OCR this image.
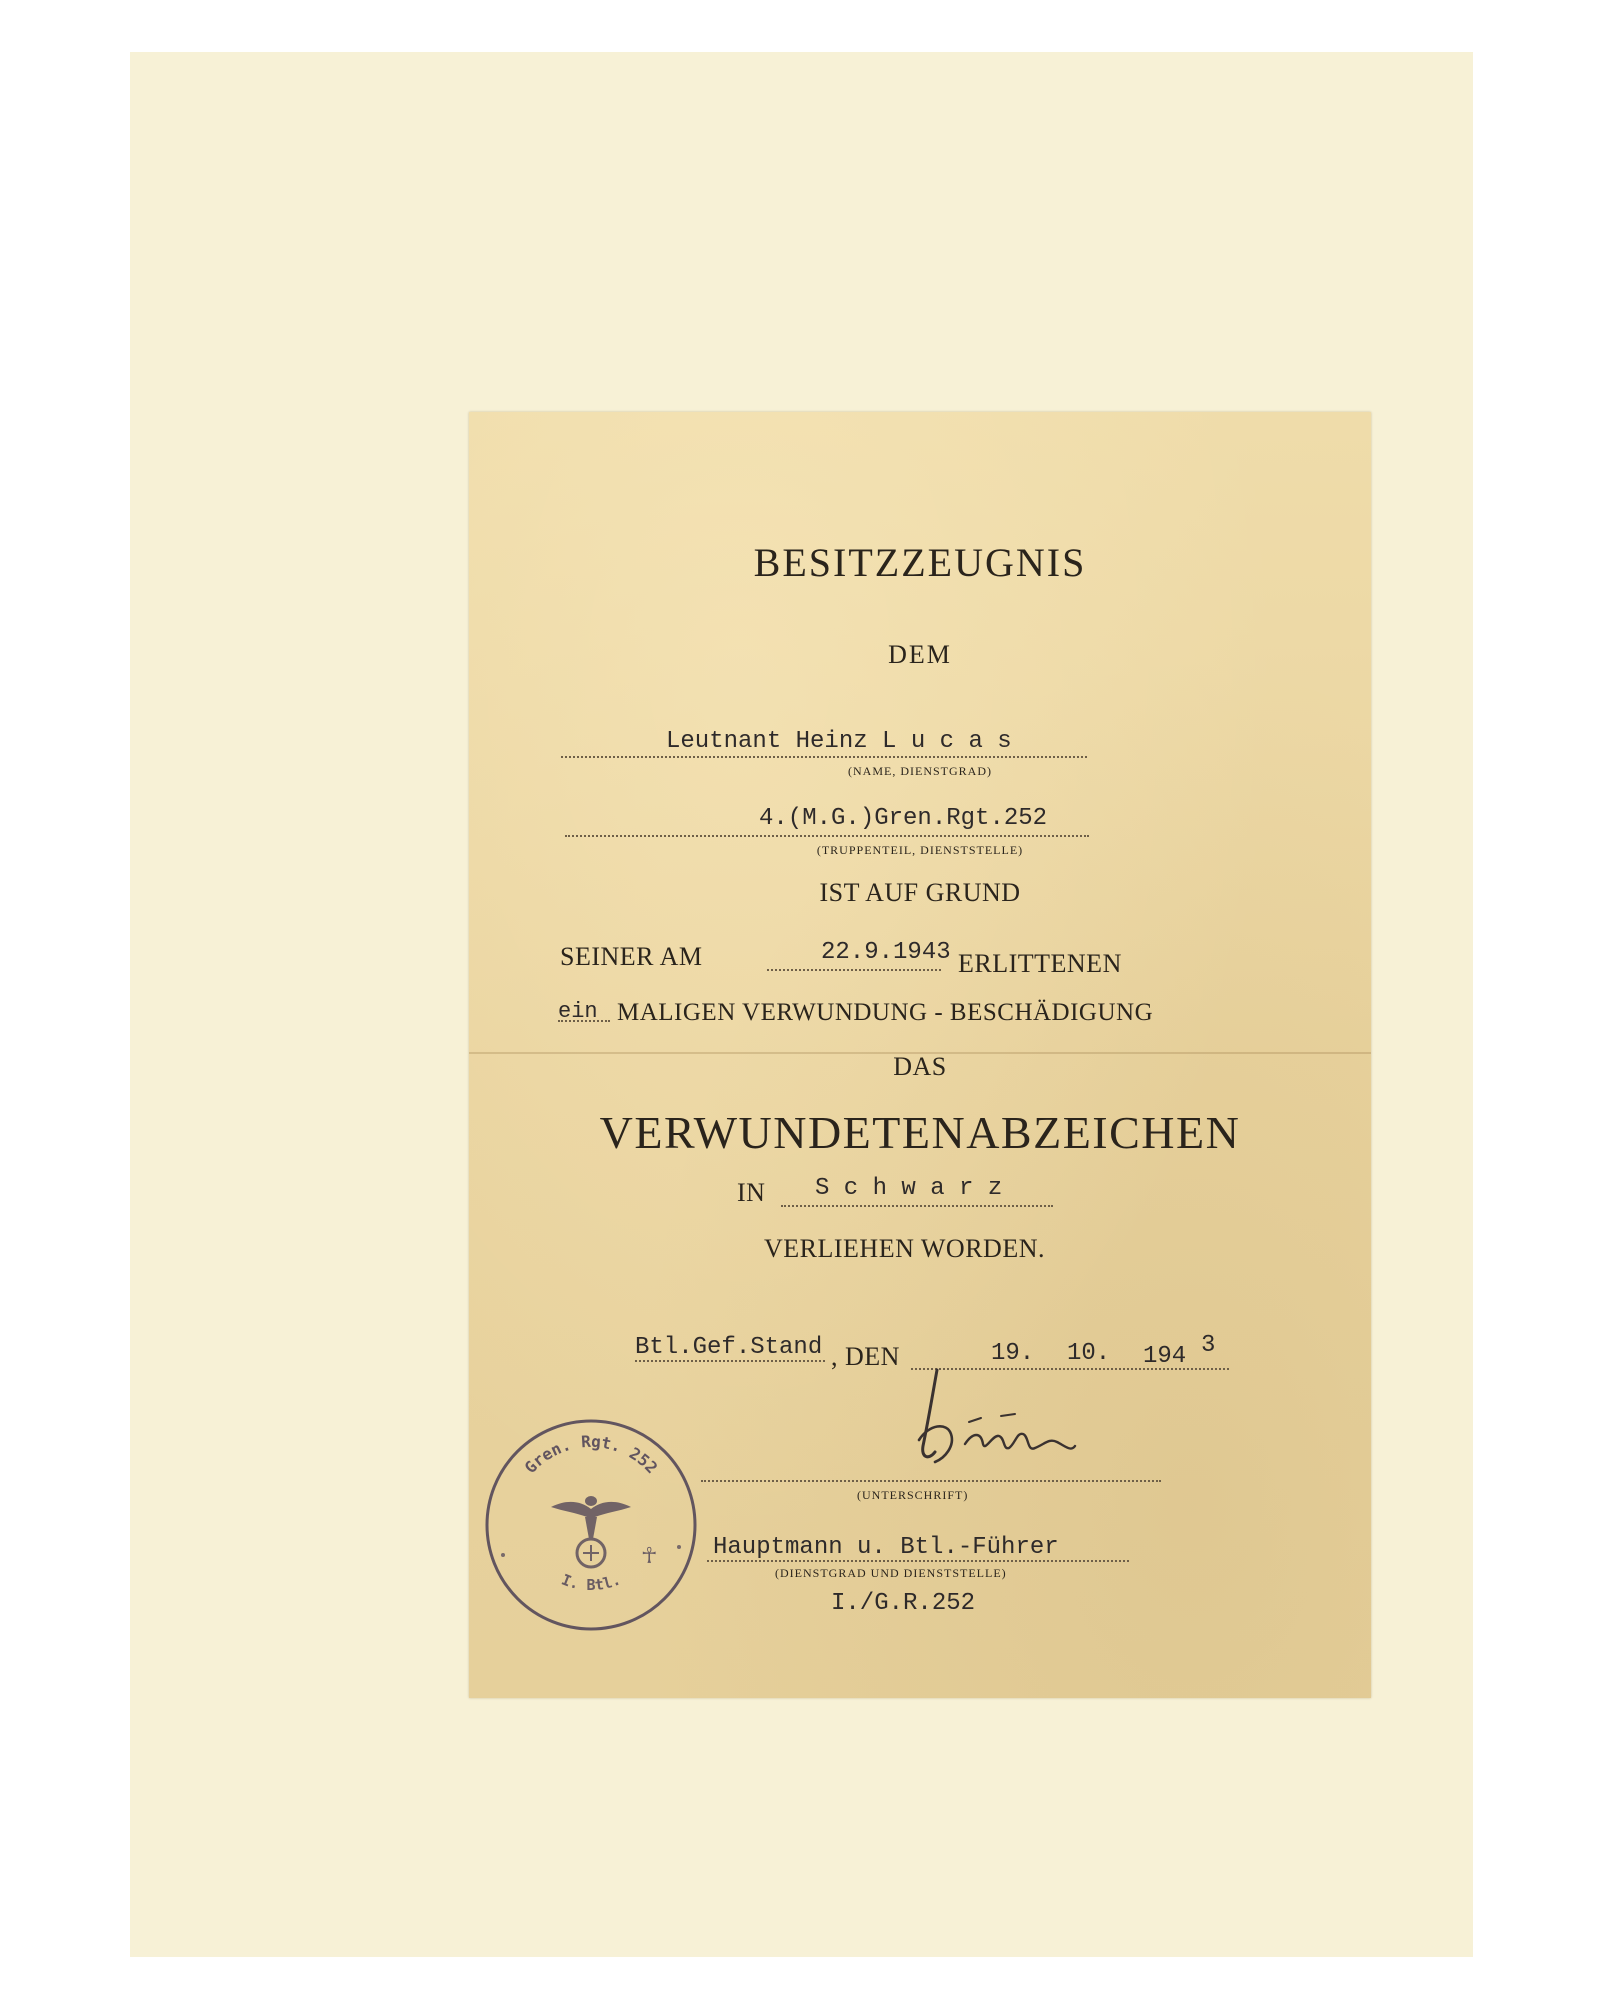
BESITZZEUGNIS
DEM
Leutnant Heinz L u c a s
(NAME, DIENSTGRAD)
4.(M.G.)Gren.Rgt.252
(TRUPPENTEIL, DIENSTSTELLE)
IST AUF GRUND
SEINER AM	22.9.1943 ERLITTENEN
ein MALIGEN VERWUNDUNG - BESCHÄDIGUNG
DAS
VERWUNDETENABZEICHEN
IN S c h w a r z
VERLIEHEN WORDEN.
Btl.Gef.Stand , DEN	19. 10. 194 3
(UNTERSCHRIFT)
Hauptmann u. Btl.-Führer
(DIENSTGRAD UND DIENSTSTELLE)
I./G.R.252
Gren. Rgt. 252
I. Btl.
☥
